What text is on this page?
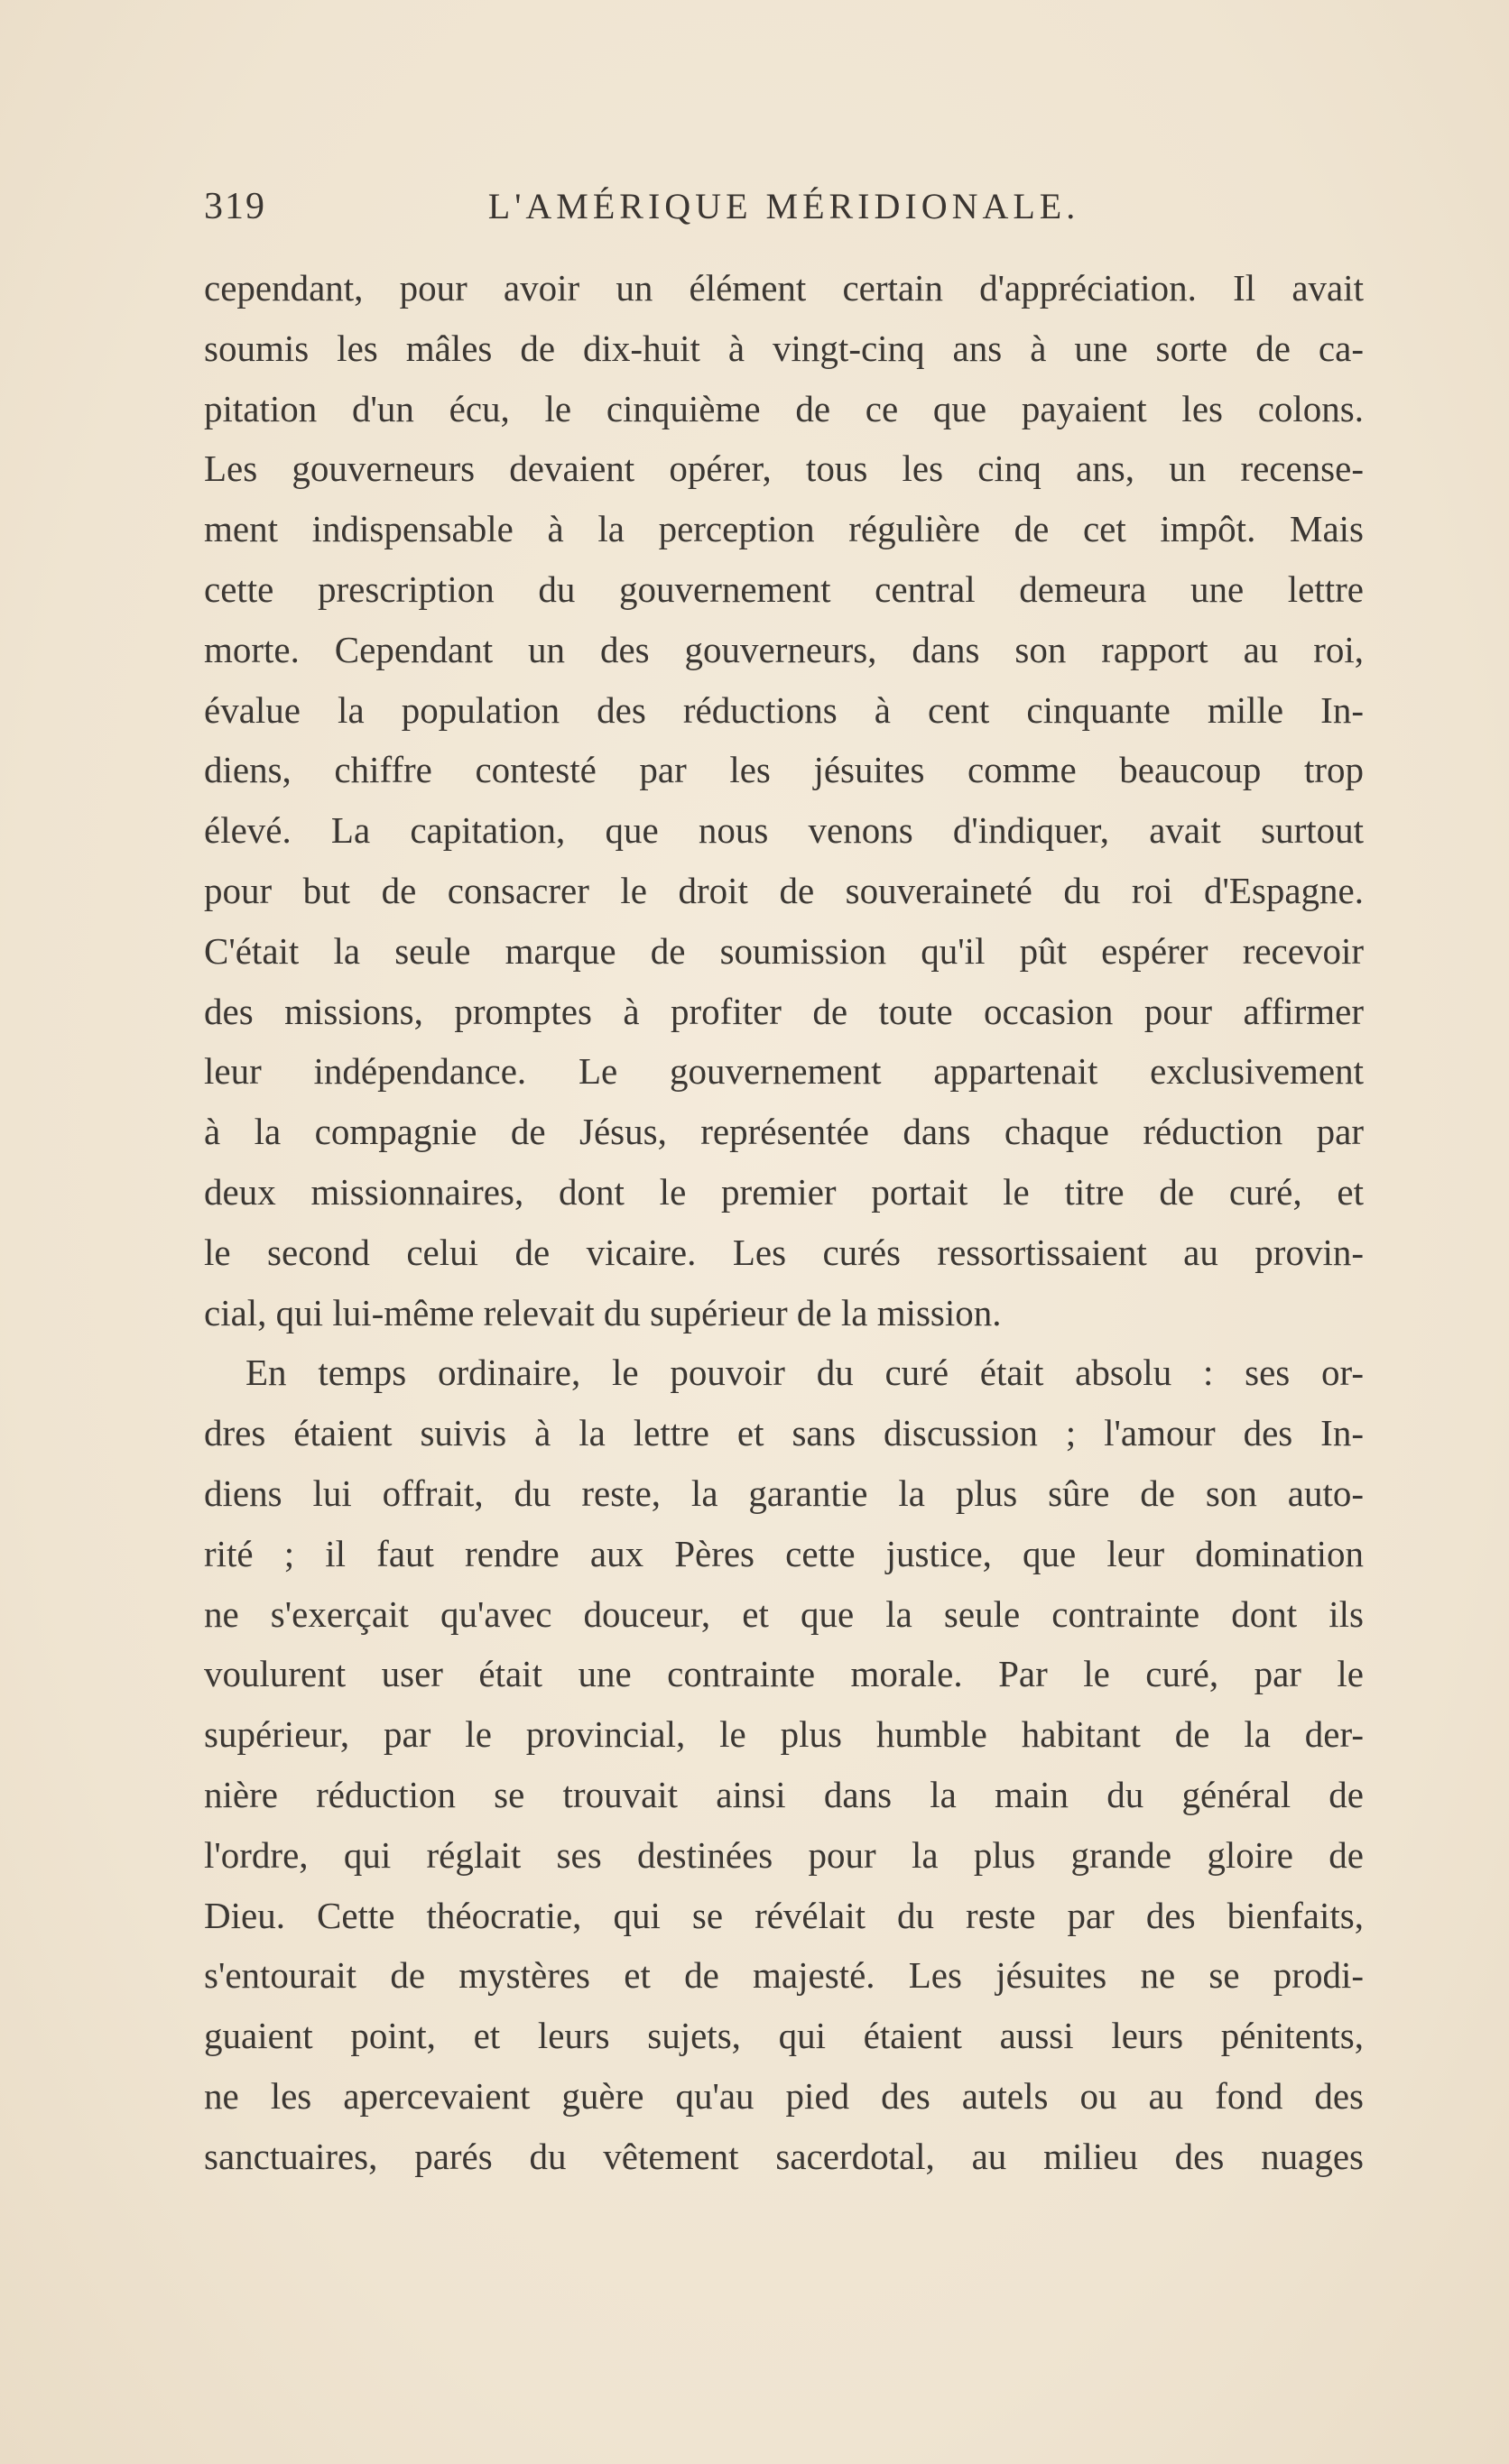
319	L'AMÉRIQUE MÉRIDIONALE.
cependant, pour avoir un élément certain d'appréciation. Il avait
soumis les mâles de dix-huit à vingt-cinq ans à une sorte de ca-
pitation d'un écu, le cinquième de ce que payaient les colons.
Les gouverneurs devaient opérer, tous les cinq ans, un recense-
ment indispensable à la perception régulière de cet impôt. Mais
cette prescription du gouvernement central demeura une lettre
morte. Cependant un des gouverneurs, dans son rapport au roi,
évalue la population des réductions à cent cinquante mille In-
diens, chiffre contesté par les jésuites comme beaucoup trop
élevé. La capitation, que nous venons d'indiquer, avait surtout
pour but de consacrer le droit de souveraineté du roi d'Espagne.
C'était la seule marque de soumission qu'il pût espérer recevoir
des missions, promptes à profiter de toute occasion pour affirmer
leur indépendance. Le gouvernement appartenait exclusivement
à la compagnie de Jésus, représentée dans chaque réduction par
deux missionnaires, dont le premier portait le titre de curé, et
le second celui de vicaire. Les curés ressortissaient au provin-
cial, qui lui-même relevait du supérieur de la mission.
En temps ordinaire, le pouvoir du curé était absolu : ses or-
dres étaient suivis à la lettre et sans discussion ; l'amour des In-
diens lui offrait, du reste, la garantie la plus sûre de son auto-
rité ; il faut rendre aux Pères cette justice, que leur domination
ne s'exerçait qu'avec douceur, et que la seule contrainte dont ils
voulurent user était une contrainte morale. Par le curé, par le
supérieur, par le provincial, le plus humble habitant de la der-
nière réduction se trouvait ainsi dans la main du général de
l'ordre, qui réglait ses destinées pour la plus grande gloire de
Dieu. Cette théocratie, qui se révélait du reste par des bienfaits,
s'entourait de mystères et de majesté. Les jésuites ne se prodi-
guaient point, et leurs sujets, qui étaient aussi leurs pénitents,
ne les apercevaient guère qu'au pied des autels ou au fond des
sanctuaires, parés du vêtement sacerdotal, au milieu des nuages
